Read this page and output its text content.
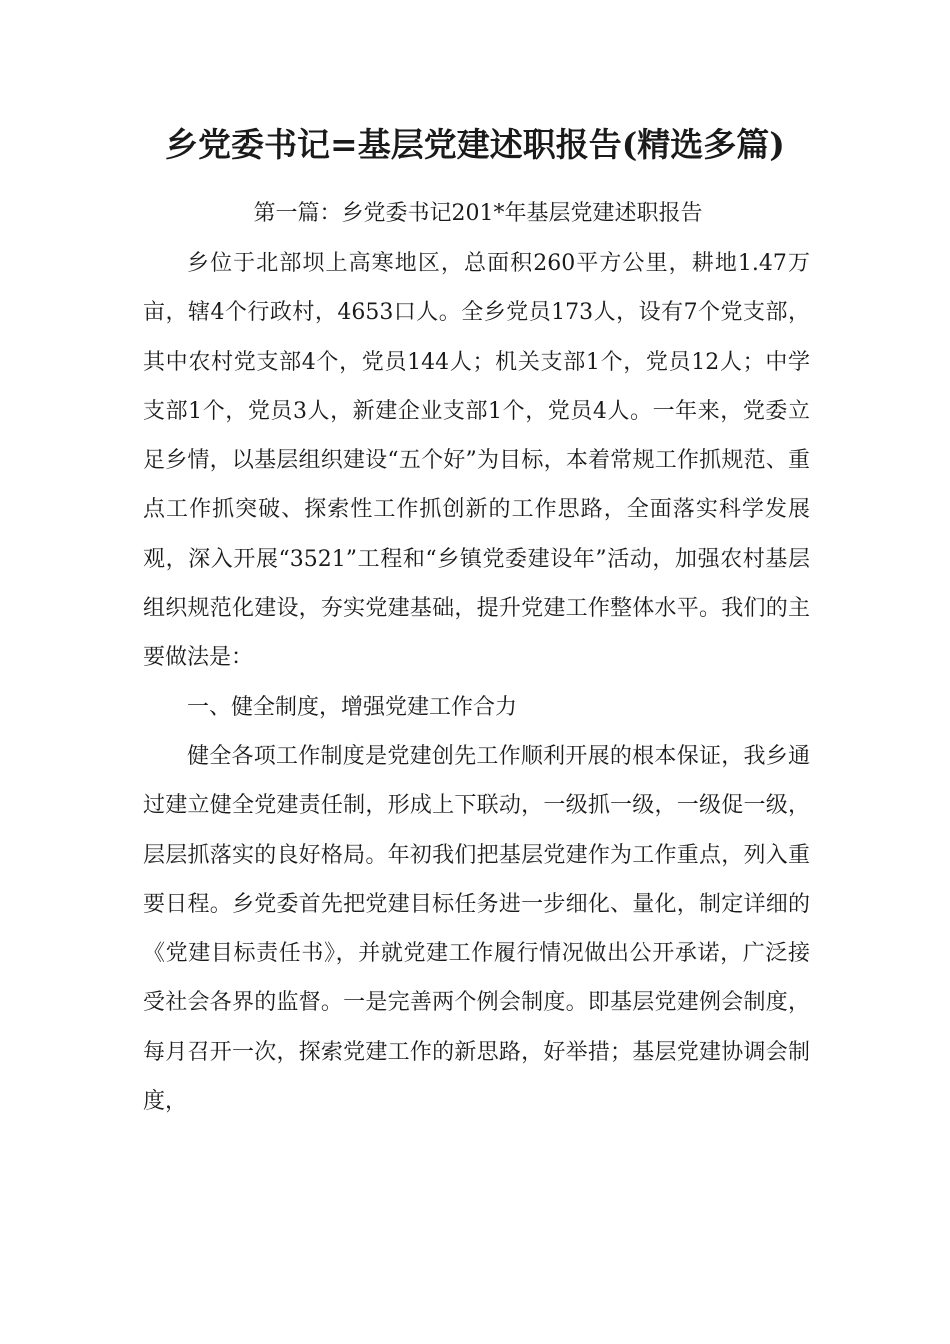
乡党委书记=基层党建述职报告(精选多篇)

第一篇：乡党委书记201*年基层党建述职报告

乡位于北部坝上高寒地区，总面积260平方公里，耕地1.47万亩，辖4个行政村，4653口人。全乡党员173人，设有7个党支部，其中农村党支部4个，党员144人；机关支部1个，党员12人；中学支部1个，党员3人，新建企业支部1个，党员4人。一年来，党委立足乡情，以基层组织建设“五个好”为目标，本着常规工作抓规范、重点工作抓突破、探索性工作抓创新的工作思路，全面落实科学发展观，深入开展“3521”工程和“乡镇党委建设年”活动，加强农村基层组织规范化建设，夯实党建基础，提升党建工作整体水平。我们的主要做法是：

一、健全制度，增强党建工作合力

健全各项工作制度是党建创先工作顺利开展的根本保证，我乡通过建立健全党建责任制，形成上下联动，一级抓一级，一级促一级，层层抓落实的良好格局。年初我们把基层党建作为工作重点，列入重要日程。乡党委首先把党建目标任务进一步细化、量化，制定详细的《党建目标责任书》，并就党建工作履行情况做出公开承诺，广泛接受社会各界的监督。一是完善两个例会制度。即基层党建例会制度，每月召开一次，探索党建工作的新思路，好举措；基层党建协调会制度，
